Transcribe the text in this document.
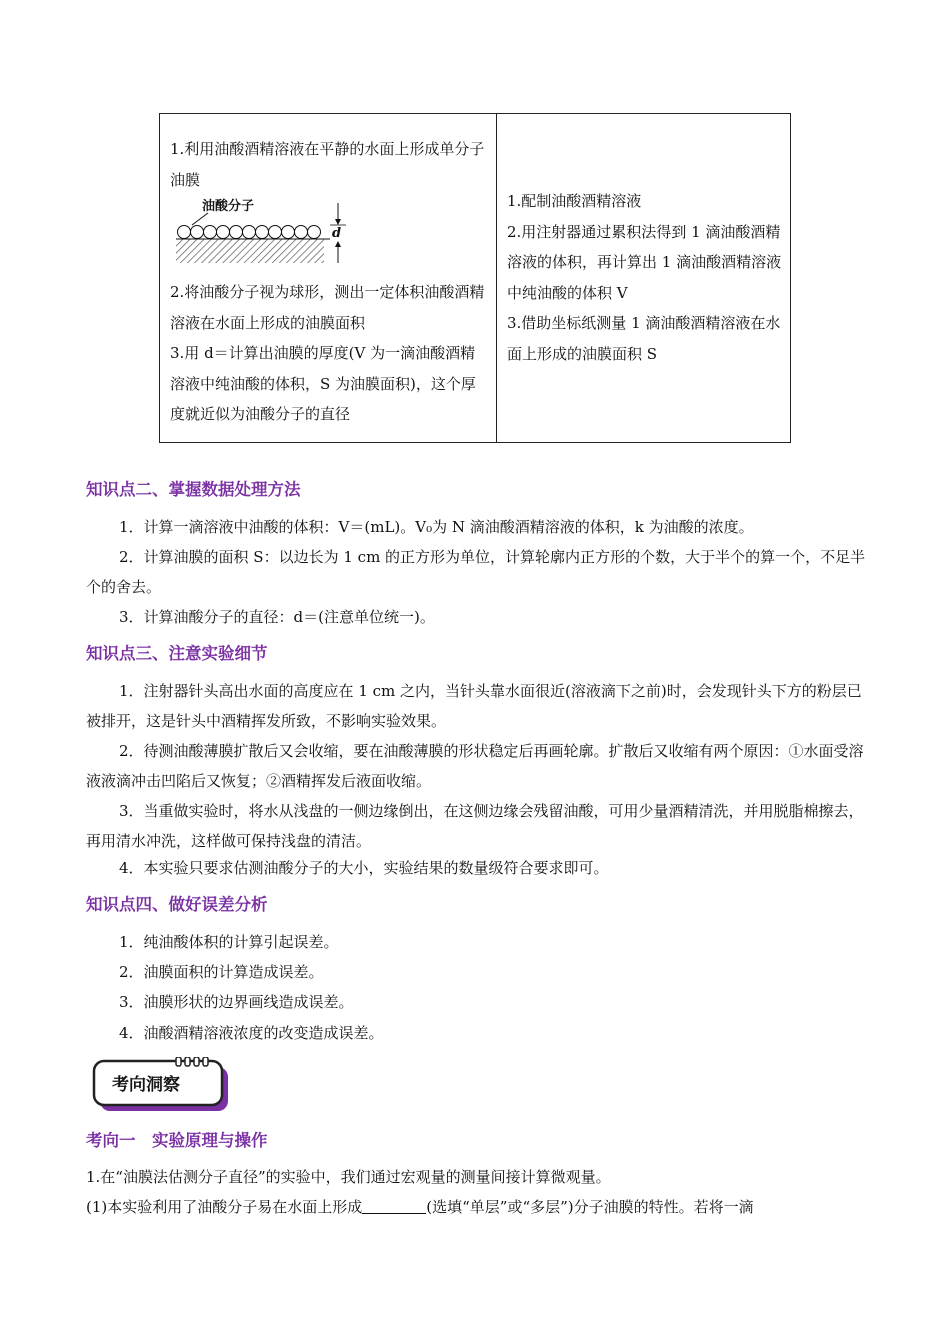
1.利用油酸酒精溶液在平静的水面上形成单分子油膜

油酸分子
d

2.将油酸分子视为球形，测出一定体积油酸酒精溶液在水面上形成的油膜面积

3.用 d＝计算出油膜的厚度(V 为一滴油酸酒精溶液中纯油酸的体积，S 为油膜面积)，这个厚度就近似为油酸分子的直径

1.配制油酸酒精溶液

2.用注射器通过累积法得到 1 滴油酸酒精溶液的体积，再计算出 1 滴油酸酒精溶液中纯油酸的体积 V

3.借助坐标纸测量 1 滴油酸酒精溶液在水面上形成的油膜面积 S

知识点二、掌握数据处理方法

1．计算一滴溶液中油酸的体积：V＝(mL)。V₀为 N 滴油酸酒精溶液的体积，k 为油酸的浓度。

2．计算油膜的面积 S：以边长为 1 cm 的正方形为单位，计算轮廓内正方形的个数，大于半个的算一个，不足半个的舍去。

3．计算油酸分子的直径：d＝(注意单位统一)。

知识点三、注意实验细节

1．注射器针头高出水面的高度应在 1 cm 之内，当针头靠水面很近(溶液滴下之前)时，会发现针头下方的粉层已被排开，这是针头中酒精挥发所致，不影响实验效果。

2．待测油酸薄膜扩散后又会收缩，要在油酸薄膜的形状稳定后再画轮廓。扩散后又收缩有两个原因：①水面受溶液液滴冲击凹陷后又恢复；②酒精挥发后液面收缩。

3．当重做实验时，将水从浅盘的一侧边缘倒出，在这侧边缘会残留油酸，可用少量酒精清洗，并用脱脂棉擦去，再用清水冲洗，这样做可保持浅盘的清洁。

4．本实验只要求估测油酸分子的大小，实验结果的数量级符合要求即可。

知识点四、做好误差分析

1．纯油酸体积的计算引起误差。

2．油膜面积的计算造成误差。

3．油膜形状的边界画线造成误差。

4．油酸酒精溶液浓度的改变造成误差。

考向洞察
考向一　实验原理与操作

1.在“油膜法估测分子直径”的实验中，我们通过宏观量的测量间接计算微观量。

(1)本实验利用了油酸分子易在水面上形成	(选填“单层”或“多层”)分子油膜的特性。若将一滴
